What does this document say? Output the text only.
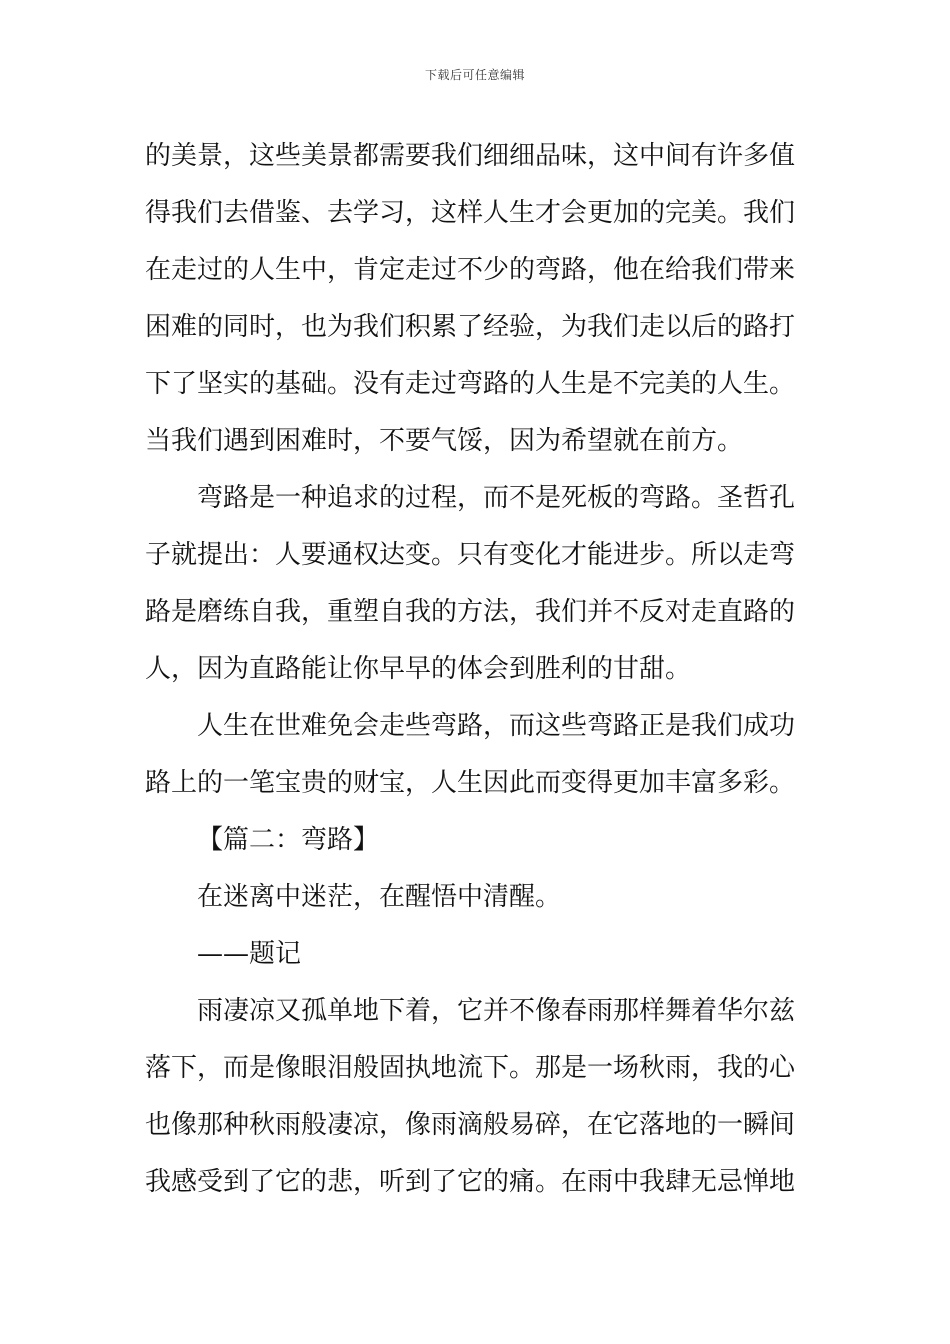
下载后可任意编辑
的美景，这些美景都需要我们细细品味，这中间有许多值
得我们去借鉴、去学习，这样人生才会更加的完美。我们
在走过的人生中，肯定走过不少的弯路，他在给我们带来
困难的同时，也为我们积累了经验，为我们走以后的路打
下了坚实的基础。没有走过弯路的人生是不完美的人生。
当我们遇到困难时，不要气馁，因为希望就在前方。
弯路是一种追求的过程，而不是死板的弯路。圣哲孔
子就提出：人要通权达变。只有变化才能进步。所以走弯
路是磨练自我，重塑自我的方法，我们并不反对走直路的
人，因为直路能让你早早的体会到胜利的甘甜。
人生在世难免会走些弯路，而这些弯路正是我们成功
路上的一笔宝贵的财宝，人生因此而变得更加丰富多彩。
【篇二：弯路】
在迷离中迷茫，在醒悟中清醒。
——题记
雨凄凉又孤单地下着，它并不像春雨那样舞着华尔兹
落下，而是像眼泪般固执地流下。那是一场秋雨，我的心
也像那种秋雨般凄凉，像雨滴般易碎，在它落地的一瞬间
我感受到了它的悲，听到了它的痛。在雨中我肆无忌惮地
